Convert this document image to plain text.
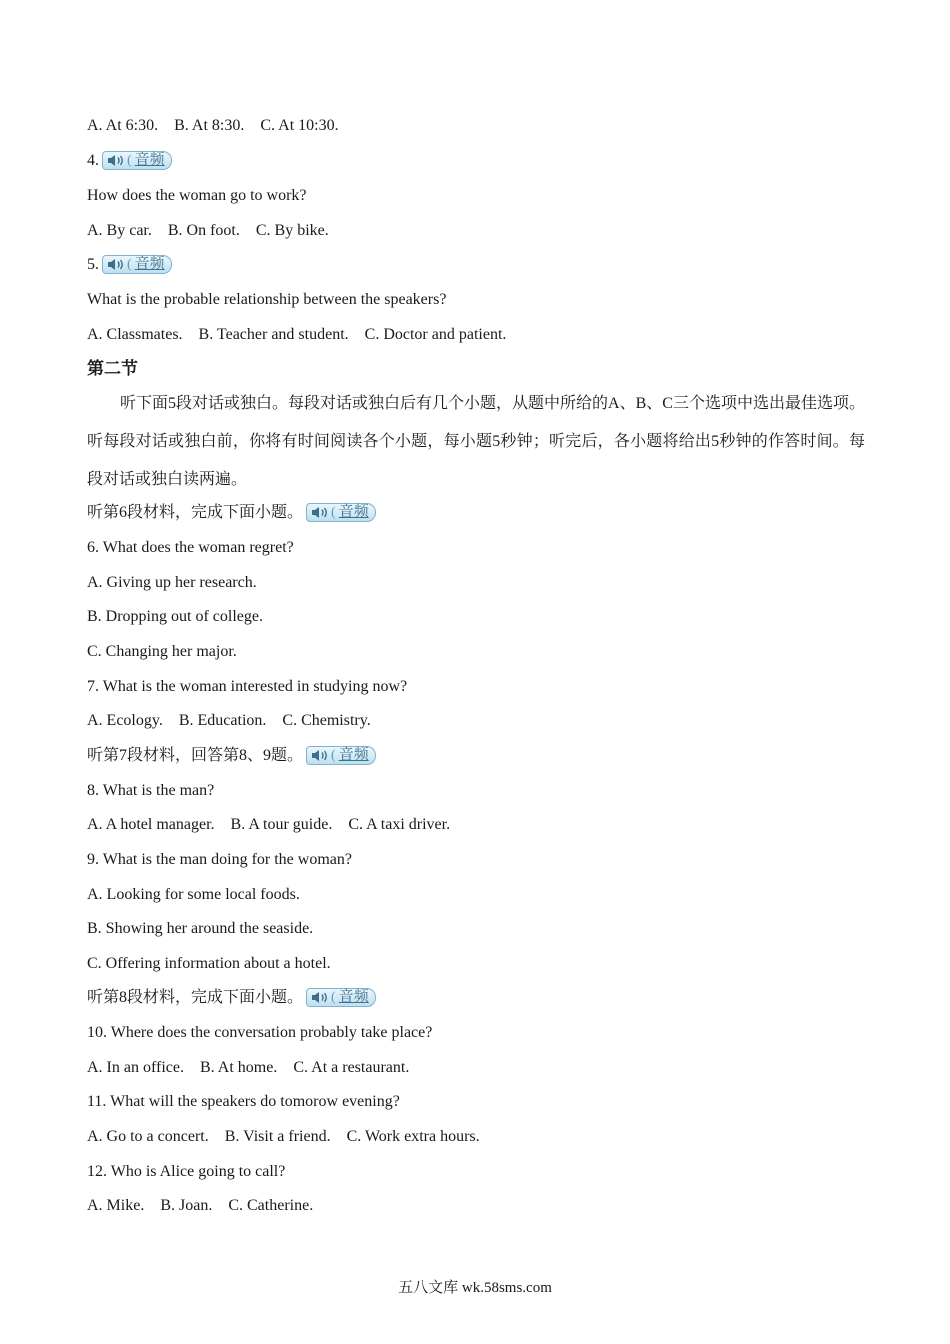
A. At 6:30. B. At 8:30. C. At 10:30.
4. ( 音频
How does the woman go to work?
A. By car. B. On foot. C. By bike.
5. ( 音频
What is the probable relationship between the speakers?
A. Classmates. B. Teacher and student. C. Doctor and patient.
第二节
听下面5段对话或独白。每段对话或独白后有几个小题，从题中所给的A、B、C三个选项中选出最佳选项。听每段对话或独白前，你将有时间阅读各个小题，每小题5秒钟；听完后，各小题将给出5秒钟的作答时间。每段对话或独白读两遍。
听第6段材料，完成下面小题。 ( 音频
6. What does the woman regret?
A. Giving up her research.
B. Dropping out of college.
C. Changing her major.
7. What is the woman interested in studying now?
A. Ecology. B. Education. C. Chemistry.
听第7段材料，回答第8、9题。 ( 音频
8. What is the man?
A. A hotel manager. B. A tour guide. C. A taxi driver.
9. What is the man doing for the woman?
A. Looking for some local foods.
B. Showing her around the seaside.
C. Offering information about a hotel.
听第8段材料，完成下面小题。 ( 音频
10. Where does the conversation probably take place?
A. In an office. B. At home. C. At a restaurant.
11. What will the speakers do tomorow evening?
A. Go to a concert. B. Visit a friend. C. Work extra hours.
12. Who is Alice going to call?
A. Mike. B. Joan. C. Catherine.
五八文库 wk.58sms.com
